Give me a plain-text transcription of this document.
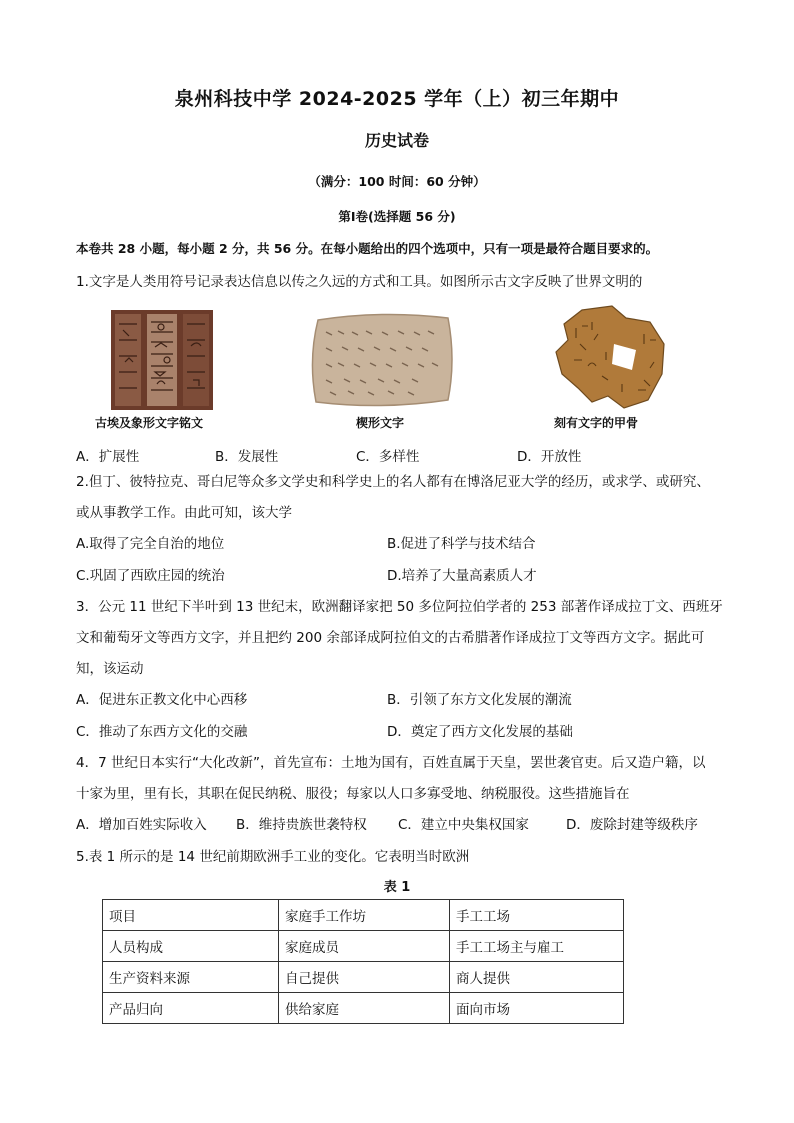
泉州科技中学 2024-2025 学年（上）初三年期中
历史试卷
（满分：100 时间：60 分钟）
第Ⅰ卷(选择题 56 分)
本卷共 28 小题，每小题 2 分，共 56 分。在每小题给出的四个选项中，只有一项是最符合题目要求的。
1.文字是人类用符号记录表达信息以传之久远的方式和工具。如图所示古文字反映了世界文明的
古埃及象形文字铭文	楔形文字	刻有文字的甲骨
A．扩展性	B．发展性	C．多样性	D．开放性
2.但丁、彼特拉克、哥白尼等众多文学史和科学史上的名人都有在博洛尼亚大学的经历，或求学、或研究、
或从事教学工作。由此可知，该大学
A.取得了完全自治的地位	B.促进了科学与技术结合
C.巩固了西欧庄园的统治	D.培养了大量高素质人才
3．公元 11 世纪下半叶到 13 世纪末，欧洲翻译家把 50 多位阿拉伯学者的 253 部著作译成拉丁文、西班牙
文和葡萄牙文等西方文字，并且把约 200 余部译成阿拉伯文的古希腊著作译成拉丁文等西方文字。据此可
知，该运动
A．促进东正教文化中心西移	B．引领了东方文化发展的潮流
C．推动了东西方文化的交融	D．奠定了西方文化发展的基础
4．7 世纪日本实行“大化改新”，首先宣布：土地为国有，百姓直属于天皇，罢世袭官吏。后又造户籍，以
十家为里，里有长，其职在促民纳税、服役；每家以人口多寡受地、纳税服役。这些措施旨在
A．增加百姓实际收入 B．维持贵族世袭特权 C．建立中央集权国家	D．废除封建等级秩序
5.表 1 所示的是 14 世纪前期欧洲手工业的变化。它表明当时欧洲
表 1
项目	家庭手工作坊	手工工场
人员构成	家庭成员	手工工场主与雇工
生产资料来源	自己提供	商人提供
产品归向	供给家庭	面向市场
